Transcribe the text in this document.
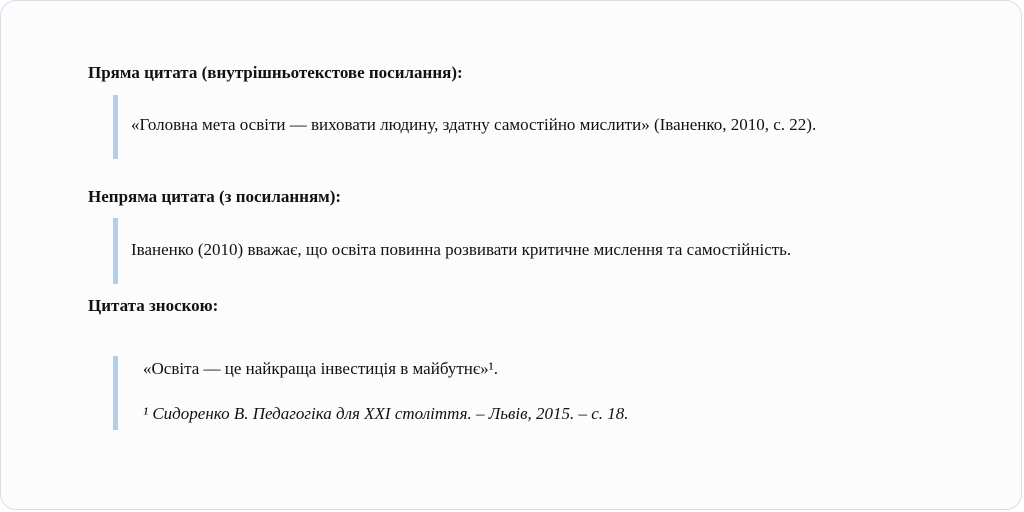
Пряма цитата (внутрішньотекстове посилання):
«Головна мета освіти — виховати людину, здатну самостійно мислити» (Іваненко, 2010, с. 22).
Непряма цитата (з посиланням):
Іваненко (2010) вважає, що освіта повинна розвивати критичне мислення та самостійність.
Цитата зноскою:
«Освіта — це найкраща інвестиція в майбутнє»¹.
¹ Сидоренко В. Педагогіка для XXI століття. – Львів, 2015. – с. 18.
